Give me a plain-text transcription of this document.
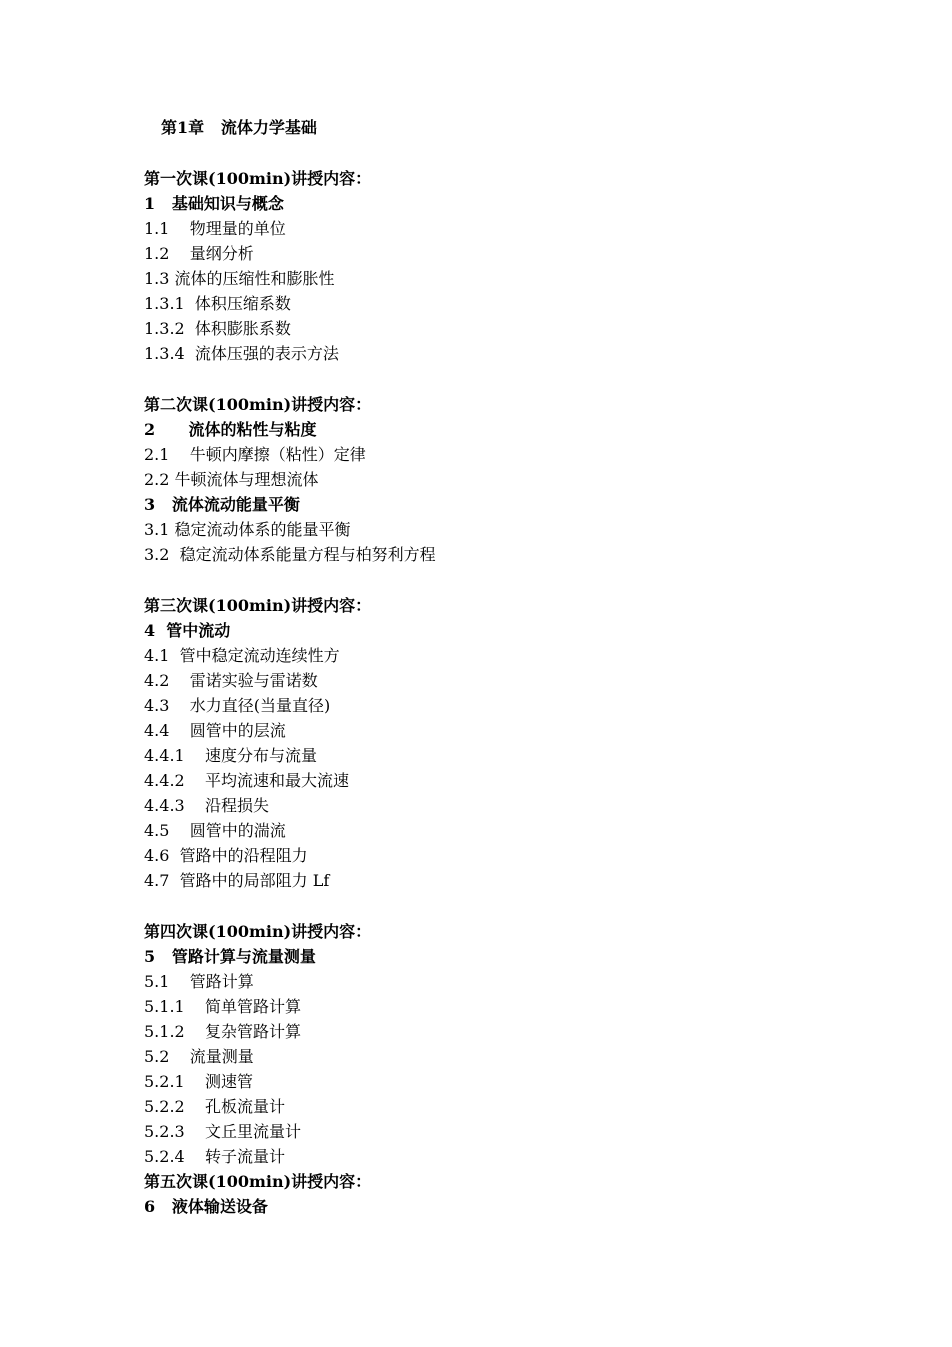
第1章   流体力学基础
第一次课(100min)讲授内容：
1   基础知识与概念
1.1    物理量的单位
1.2    量纲分析
1.3 流体的压缩性和膨胀性
1.3.1  体积压缩系数
1.3.2  体积膨胀系数
1.3.4  流体压强的表示方法
第二次课(100min)讲授内容：
2      流体的粘性与粘度
2.1    牛顿内摩擦（粘性）定律
2.2 牛顿流体与理想流体
3   流体流动能量平衡
3.1 稳定流动体系的能量平衡
3.2  稳定流动体系能量方程与柏努利方程
第三次课(100min)讲授内容：
4  管中流动
4.1  管中稳定流动连续性方
4.2    雷诺实验与雷诺数
4.3    水力直径(当量直径)
4.4    圆管中的层流
4.4.1    速度分布与流量
4.4.2    平均流速和最大流速
4.4.3    沿程损失
4.5    圆管中的湍流
4.6  管路中的沿程阻力
4.7  管路中的局部阻力 Lf
第四次课(100min)讲授内容：
5   管路计算与流量测量
5.1    管路计算
5.1.1    简单管路计算
5.1.2    复杂管路计算
5.2    流量测量
5.2.1    测速管
5.2.2    孔板流量计
5.2.3    文丘里流量计
5.2.4    转子流量计
第五次课(100min)讲授内容：
6   液体输送设备
